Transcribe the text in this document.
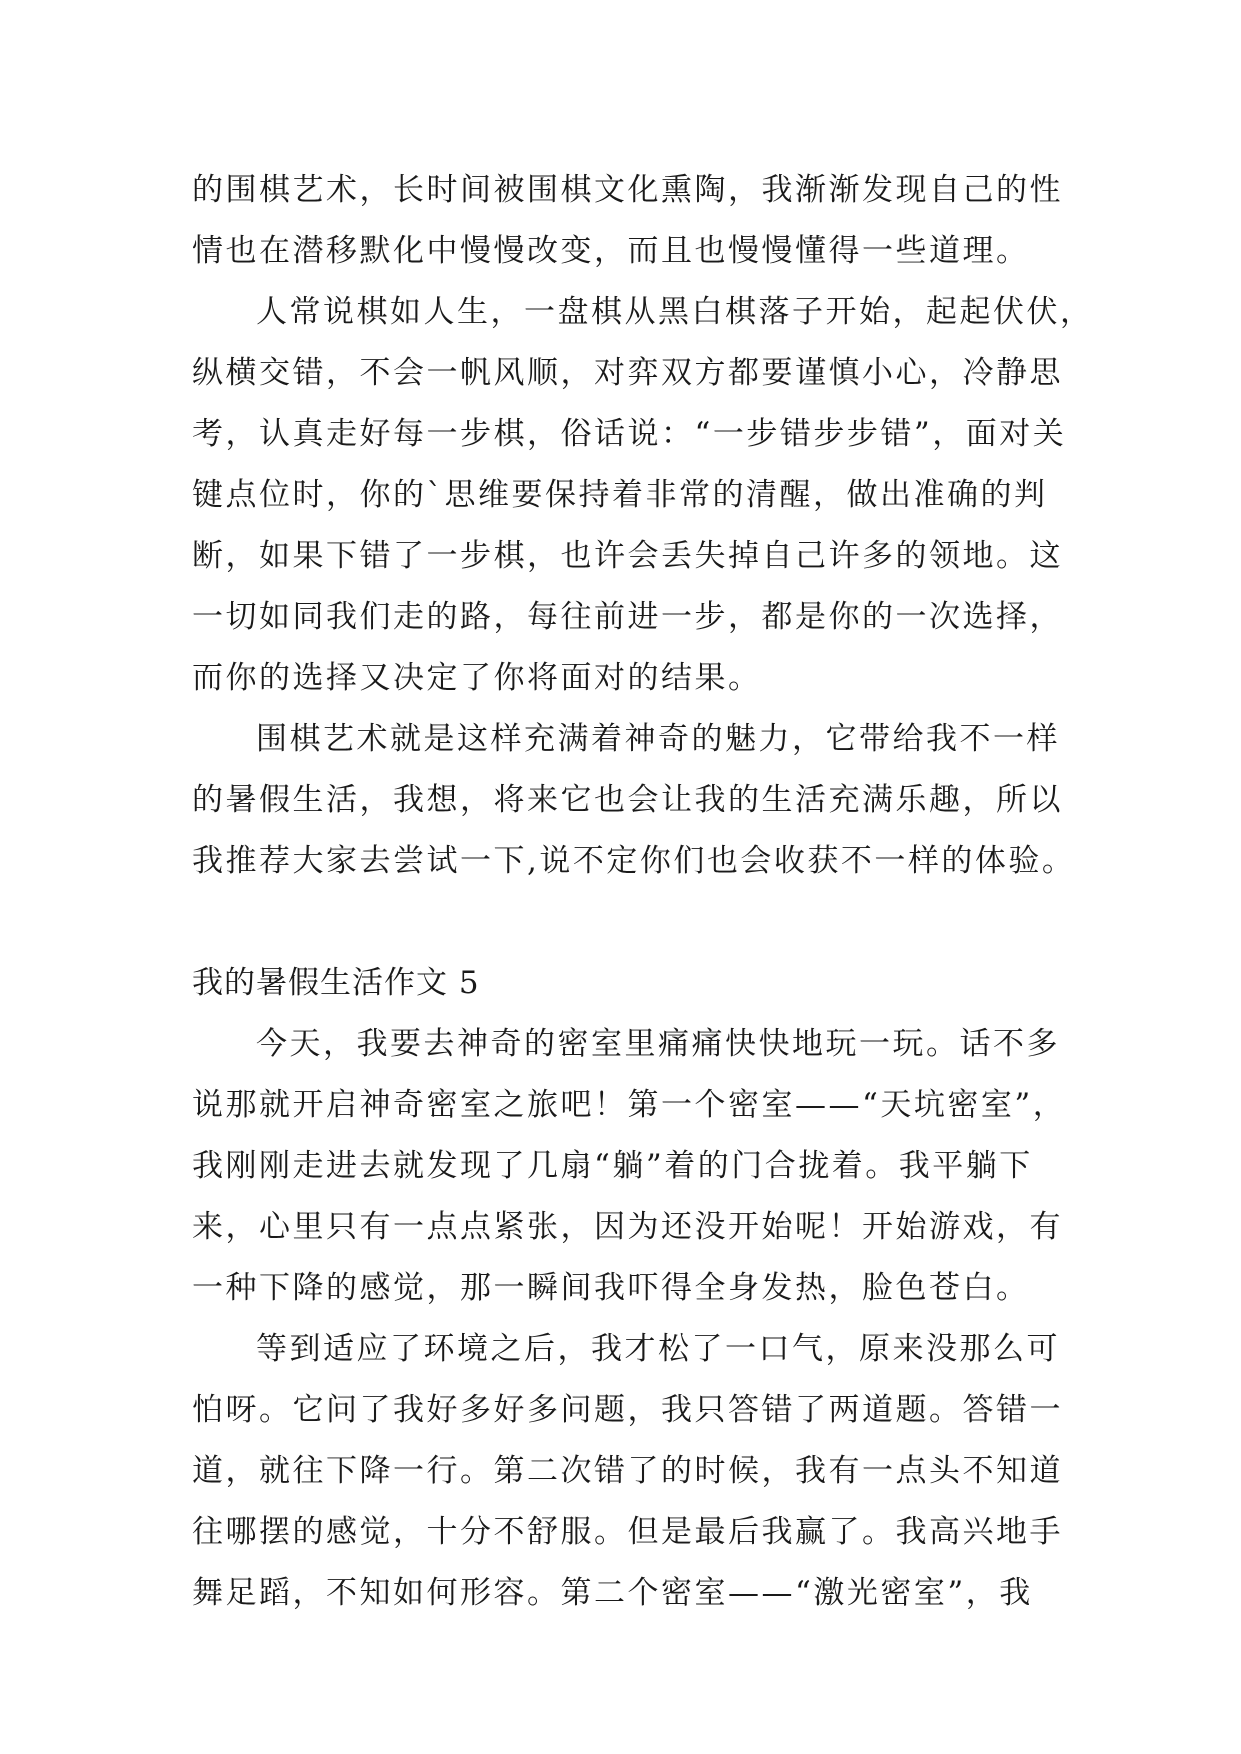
的围棋艺术，长时间被围棋文化熏陶，我渐渐发现自己的性
情也在潜移默化中慢慢改变，而且也慢慢懂得一些道理。
人常说棋如人生，一盘棋从黑白棋落子开始，起起伏伏，
纵横交错，不会一帆风顺，对弈双方都要谨慎小心，冷静思
考，认真走好每一步棋，俗话说：“一步错步步错”，面对关
键点位时，你的`思维要保持着非常的清醒，做出准确的判
断，如果下错了一步棋，也许会丢失掉自己许多的领地。这
一切如同我们走的路，每往前进一步，都是你的一次选择，
而你的选择又决定了你将面对的结果。
围棋艺术就是这样充满着神奇的魅力，它带给我不一样
的暑假生活，我想，将来它也会让我的生活充满乐趣，所以
我推荐大家去尝试一下,说不定你们也会收获不一样的体验。
我的暑假生活作文 5
今天，我要去神奇的密室里痛痛快快地玩一玩。话不多
说那就开启神奇密室之旅吧！第一个密室——“天坑密室”，
我刚刚走进去就发现了几扇“躺”着的门合拢着。我平躺下
来，心里只有一点点紧张，因为还没开始呢！开始游戏，有
一种下降的感觉，那一瞬间我吓得全身发热，脸色苍白。
等到适应了环境之后，我才松了一口气，原来没那么可
怕呀。它问了我好多好多问题，我只答错了两道题。答错一
道，就往下降一行。第二次错了的时候，我有一点头不知道
往哪摆的感觉，十分不舒服。但是最后我赢了。我高兴地手
舞足蹈，不知如何形容。第二个密室——“激光密室”，我
